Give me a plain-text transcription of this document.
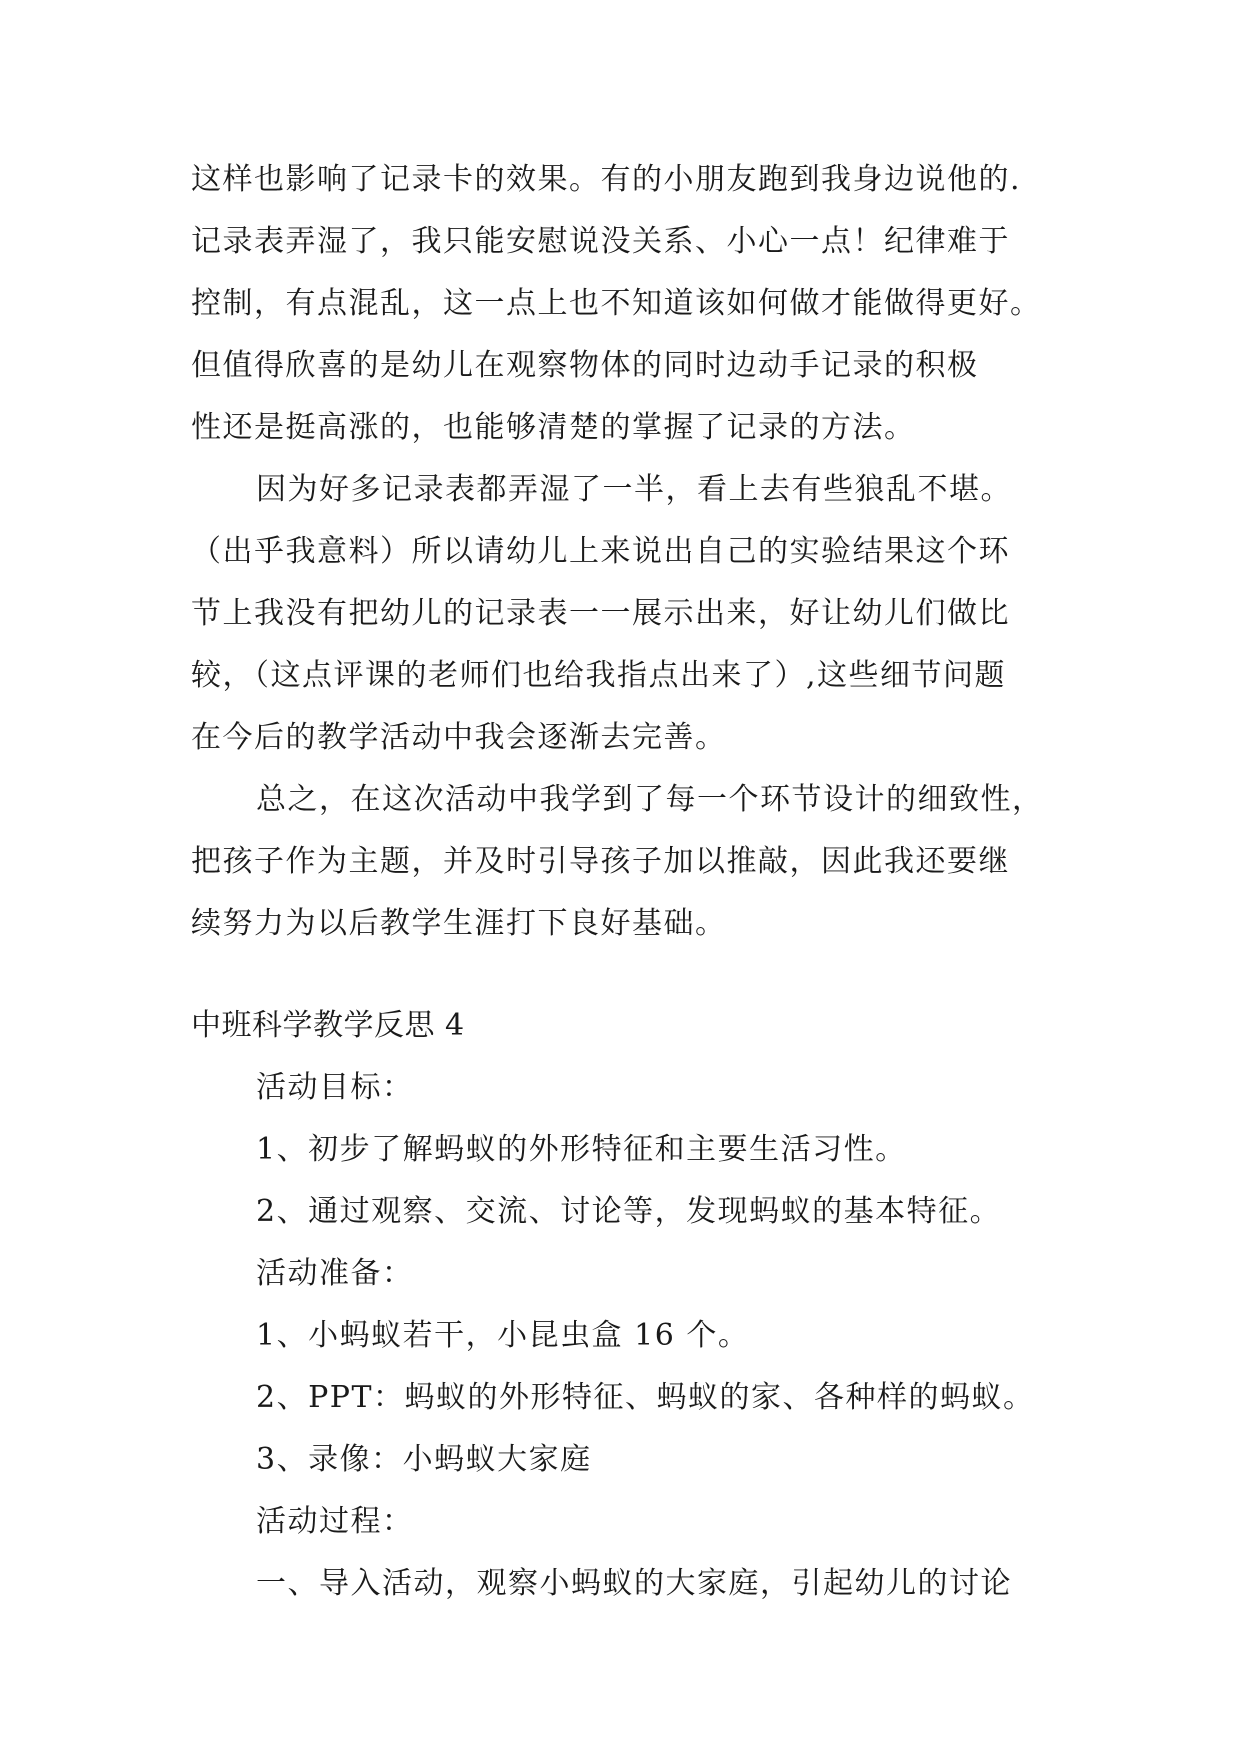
这样也影响了记录卡的效果。有的小朋友跑到我身边说他的.
记录表弄湿了，我只能安慰说没关系、小心一点！纪律难于
控制，有点混乱，这一点上也不知道该如何做才能做得更好。
但值得欣喜的是幼儿在观察物体的同时边动手记录的积极
性还是挺高涨的，也能够清楚的掌握了记录的方法。
因为好多记录表都弄湿了一半，看上去有些狼乱不堪。
（出乎我意料）所以请幼儿上来说出自己的实验结果这个环
节上我没有把幼儿的记录表一一展示出来，好让幼儿们做比
较，（这点评课的老师们也给我指点出来了）,这些细节问题
在今后的教学活动中我会逐渐去完善。
总之，在这次活动中我学到了每一个环节设计的细致性，
把孩子作为主题，并及时引导孩子加以推敲，因此我还要继
续努力为以后教学生涯打下良好基础。
中班科学教学反思 4
活动目标：
1、初步了解蚂蚁的外形特征和主要生活习性。
2、通过观察、交流、讨论等，发现蚂蚁的基本特征。
活动准备：
1、小蚂蚁若干，小昆虫盒 16 个。
2、PPT：蚂蚁的外形特征、蚂蚁的家、各种样的蚂蚁。
3、录像：小蚂蚁大家庭
活动过程：
一、导入活动，观察小蚂蚁的大家庭，引起幼儿的讨论
